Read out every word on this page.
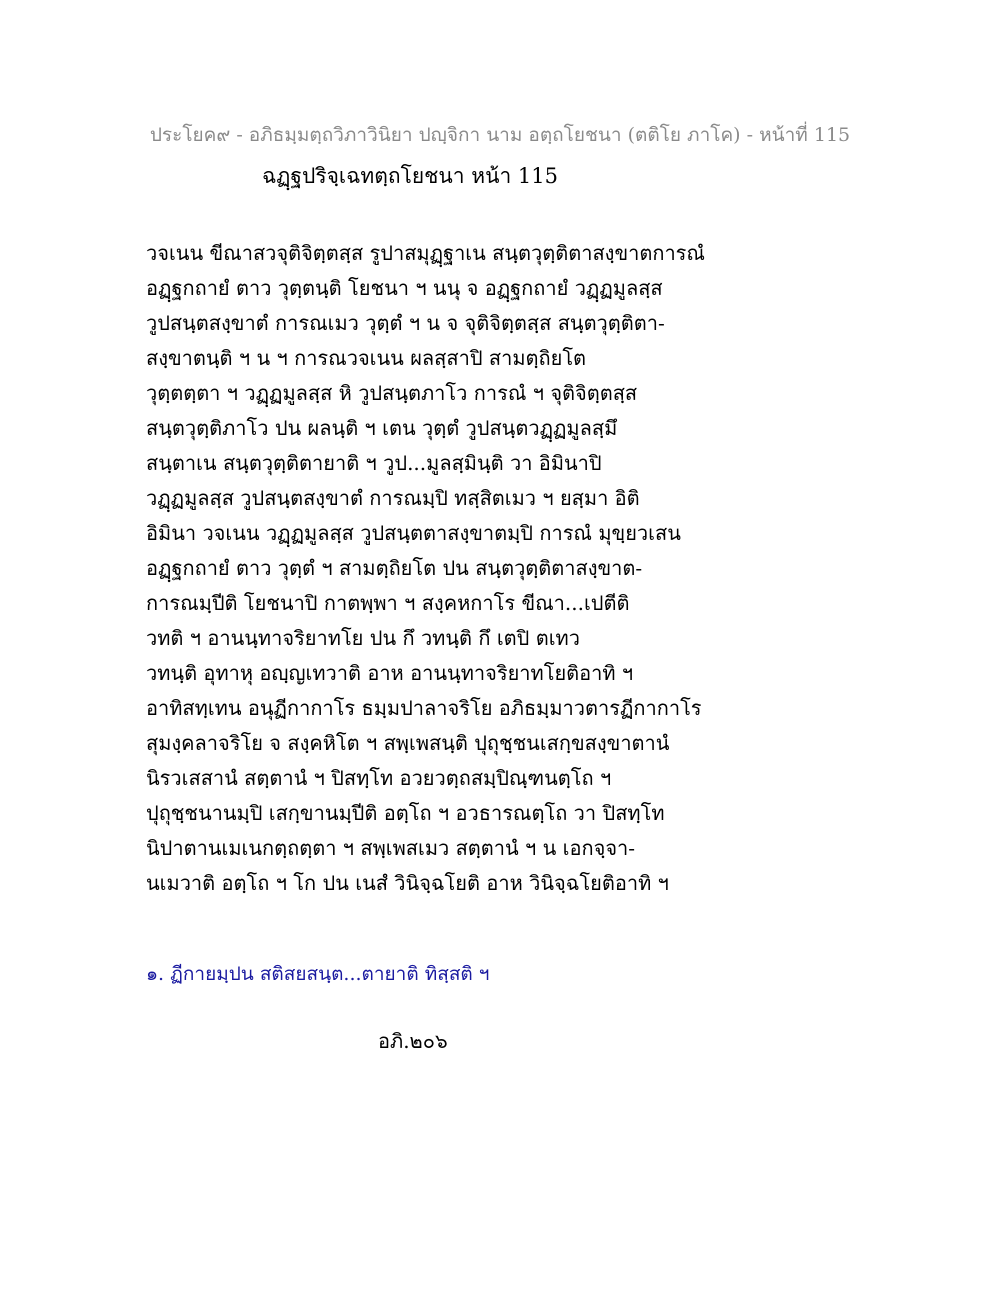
ประโยค๙ - อภิธมฺมตฺถวิภาวินิยา ปญฺจิกา นาม อตฺถโยชนา (ตติโย ภาโค) - หน้าที่ 115
ฉฏฺฐปริจฺเฉทตฺถโยชนา หน้า 115
วจเนน ขีณาสวจุติจิตฺตสฺส รูปาสมุฏฺฐาเน สนฺตวุตฺติตาสงฺขาตการณํ
อฏฺฐกถายํ ตาว วุตฺตนฺติ โยชนา ฯ นนุ จ อฏฺฐกถายํ วฏฺฏมูลสฺส
วูปสนฺตสงฺขาตํ การณเมว วุตฺตํ ฯ น จ จุติจิตฺตสฺส สนฺตวุตฺติตา-
สงฺขาตนฺติ ฯ น ฯ การณวจเนน ผลสฺสาปิ สามตฺถิยโต
วุตฺตตฺตา ฯ วฏฺฏมูลสฺส หิ วูปสนฺตภาโว การณํ ฯ จุติจิตฺตสฺส
สนฺตวุตฺติภาโว ปน ผลนฺติ ฯ เตน วุตฺตํ วูปสนฺตวฏฺฏมูลสฺมึ
สนฺตาเน สนฺตวุตฺติตายาติ ฯ วูป...มูลสฺมินฺติ วา อิมินาปิ
วฏฺฏมูลสฺส วูปสนฺตสงฺขาตํ การณมฺปิ ทสฺสิตเมว ฯ ยสฺมา อิติ
อิมินา วจเนน วฏฺฏมูลสฺส วูปสนฺตตาสงฺขาตมฺปิ การณํ มุขฺยวเสน
อฏฺฐกถายํ ตาว วุตฺตํ ฯ สามตฺถิยโต ปน สนฺตวุตฺติตาสงฺขาต-
การณมฺปีติ โยชนาปิ กาตพฺพา ฯ สงฺคหกาโร ขีณา...เปตีติ
วทติ ฯ อานนฺทาจริยาทโย ปน กึ วทนฺติ กึ เตปิ ตเทว
วทนฺติ อุทาหุ อญฺญเทวาติ อาห อานนฺทาจริยาทโยติอาทิ ฯ
อาทิสทฺเทน อนุฏีกากาโร ธมฺมปาลาจริโย อภิธมฺมาวตารฏีกากาโร
สุมงฺคลาจริโย จ สงฺคหิโต ฯ สพฺเพสนฺติ ปุถุชฺชนเสกฺขสงฺขาตานํ
นิรวเสสานํ สตฺตานํ ฯ ปิสทฺโท อวยวตฺถสมฺปิณฺฑนตฺโถ ฯ
ปุถุชฺชนานมฺปิ เสกฺขานมฺปีติ อตฺโถ ฯ อวธารณตฺโถ วา ปิสทฺโท
นิปาตานเมเนกตฺถตฺตา ฯ สพฺเพสเมว สตฺตานํ ฯ น เอกจฺจา-
นเมวาติ อตฺโถ ฯ โก ปน เนสํ วินิจฺฉโยติ อาห วินิจฺฉโยติอาทิ ฯ
๑. ฏีกายมฺปน สติสยสนฺต...ตายาติ ทิสฺสติ ฯ
อภิ.๒๐๖
